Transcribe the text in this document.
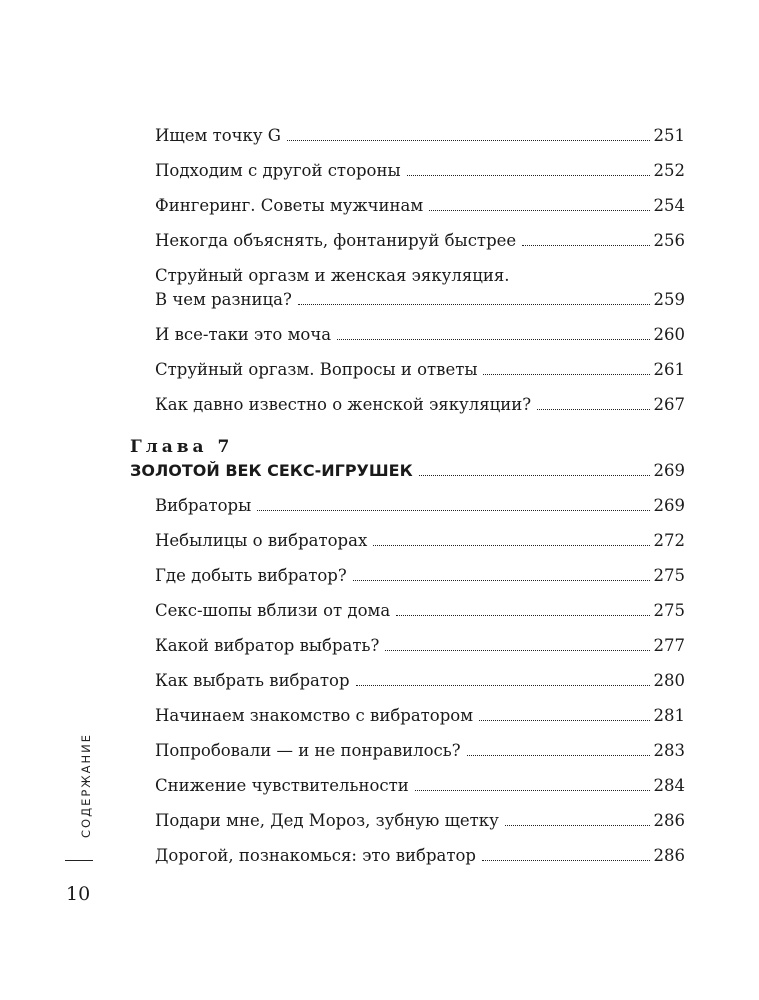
Ищем точку G	251
Подходим с другой стороны	252
Фингеринг. Советы мужчинам	254
Некогда объяснять, фонтанируй быстрее	256
Струйный оргазм и женская эякуляция.
В чем разница?	259
И все-таки это моча	260
Струйный оргазм. Вопросы и ответы	261
Как давно известно о женской эякуляции?	267
Глава 7
ЗОЛОТОЙ ВЕК СЕКС-ИГРУШЕК	269
Вибраторы	269
Небылицы о вибраторах	272
Где добыть вибратор?	275
Секс-шопы вблизи от дома	275
Какой вибратор выбрать?	277
Как выбрать вибратор	280
Начинаем знакомство с вибратором	281
Попробовали — и не понравилось?	283
Снижение чувствительности	284
Подари мне, Дед Мороз, зубную щетку	286
Дорогой, познакомься: это вибратор	286
СОДЕРЖАНИЕ
10
